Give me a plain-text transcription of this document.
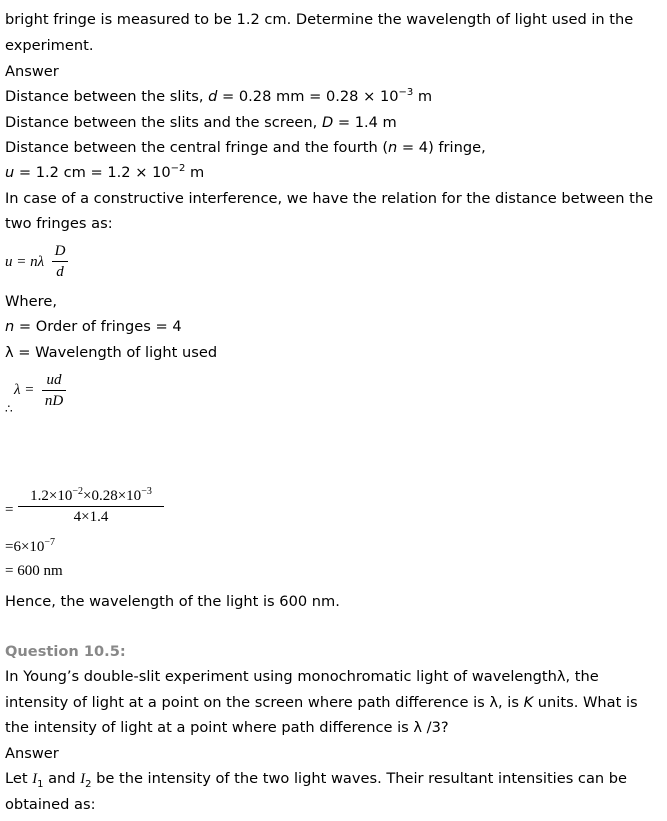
bright fringe is measured to be 1.2 cm. Determine the wavelength of light used in the
experiment.
Answer
Distance between the slits, d = 0.28 mm = $0.28 \times 10^{-3}$ m
Distance between the slits and the screen, D = 1.4 m
Distance between the central fringe and the fourth (n = 4) fringe,
u = 1.2 cm = $1.2 \times 10^{-2}$ m
In case of a constructive interference, we have the relation for the distance between the
two fringes as:
u = nλ
D
d
Where,
n = Order of fringes = 4
λ = Wavelength of light used
λ =
ud
nD
∴
=
$1.2\times 10^{-2}\times 0.28\times 10^{-3}$
4×1.4
$=6\times 10^{-7}$
= 600 nm
Hence, the wavelength of the light is 600 nm.
Question 10.5:
In Young’s double-slit experiment using monochromatic light of wavelengthλ, the
intensity of light at a point on the screen where path difference is λ, is K units. What is
the intensity of light at a point where path difference is λ /3?
Answer
Let $I_1$ and $I_2$ be the intensity of the two light waves. Their resultant intensities can be
obtained as:
